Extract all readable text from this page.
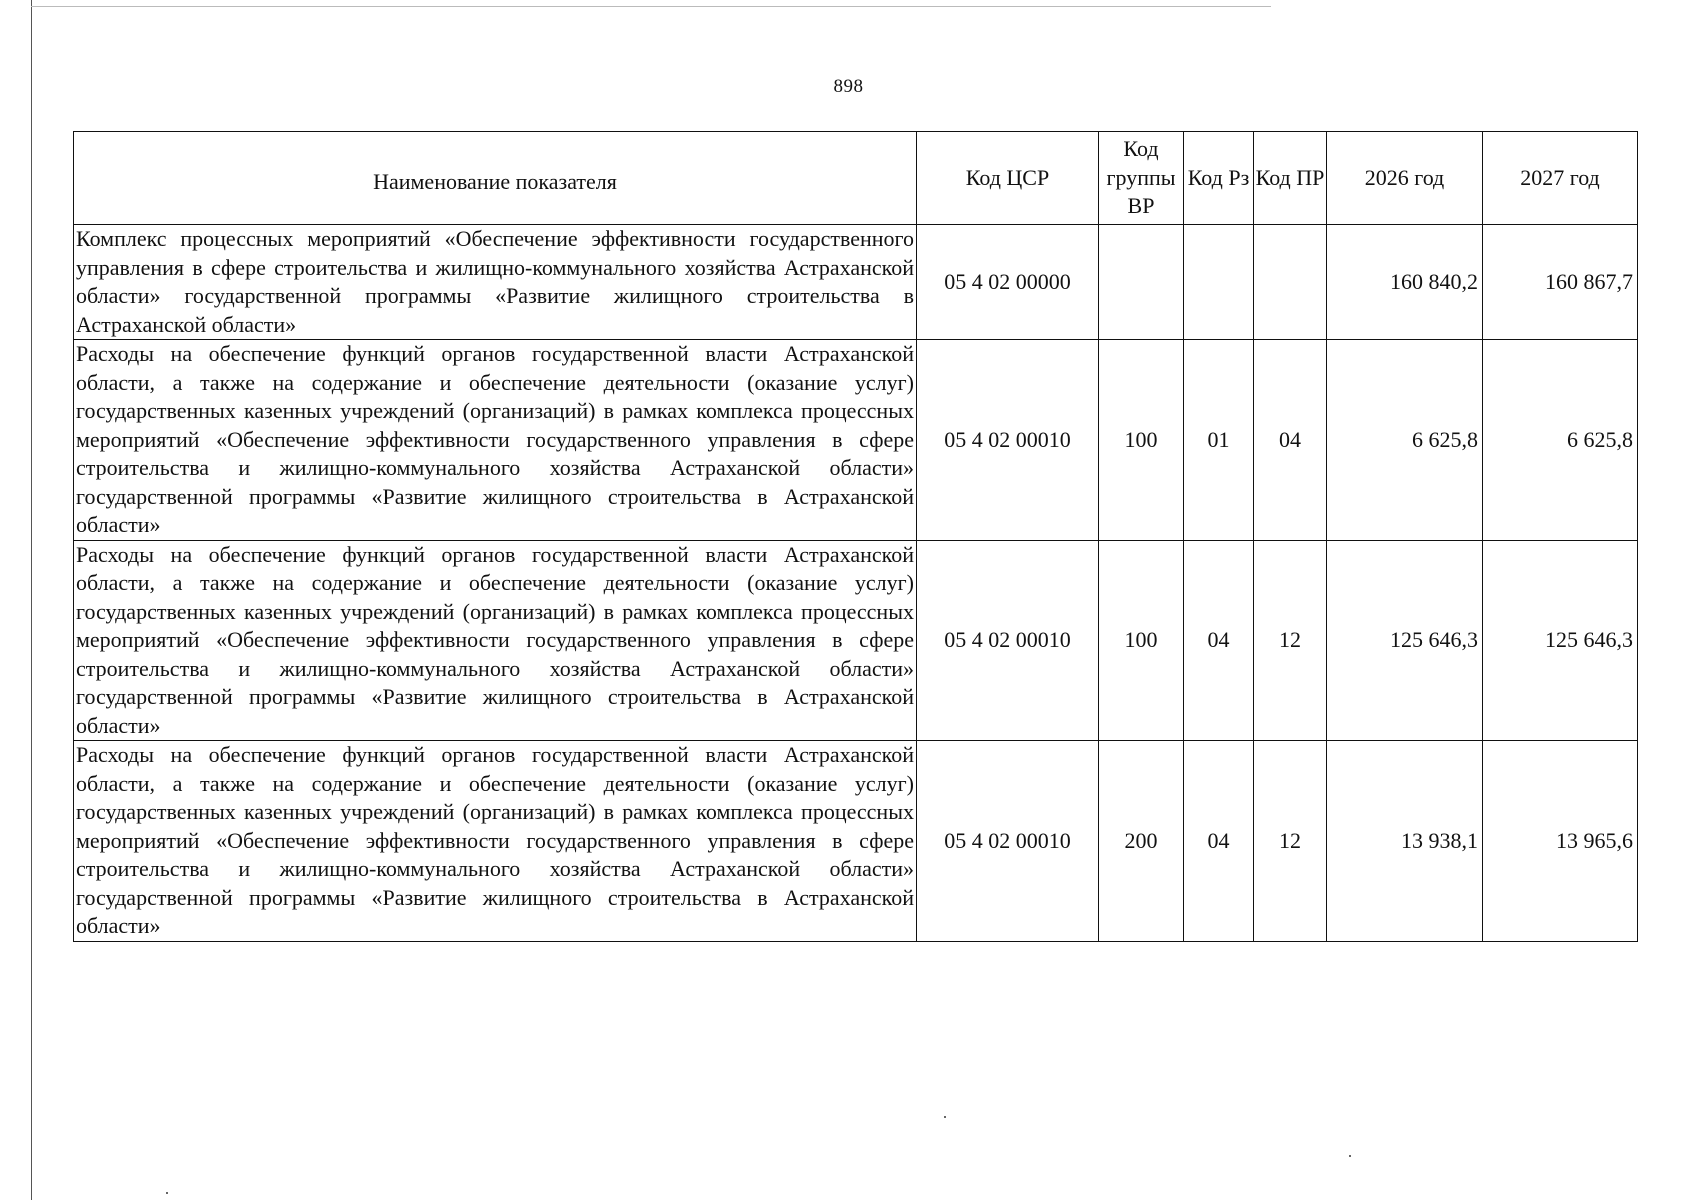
898
Наименование показателя	Код ЦСР	Код группы ВР	Код Рз	Код ПР	2026 год	2027 год
Комплекс процессных мероприятий «Обеспечение эффективности государственного управления в сфере строительства и жилищно-коммунального хозяйства Астраханской области» государственной программы «Развитие жилищного строительства в Астраханской области»	05 4 02 00000				160 840,2	160 867,7
Расходы на обеспечение функций органов государственной власти Астраханской области, а также на содержание и обеспечение деятельности (оказание услуг) государственных казенных учреждений (организаций) в рамках комплекса процессных мероприятий «Обеспечение эффективности государственного управления в сфере строительства и жилищно-коммунального хозяйства Астраханской области» государственной программы «Развитие жилищного строительства в Астраханской области»	05 4 02 00010	100	01	04	6 625,8	6 625,8
Расходы на обеспечение функций органов государственной власти Астраханской области, а также на содержание и обеспечение деятельности (оказание услуг) государственных казенных учреждений (организаций) в рамках комплекса процессных мероприятий «Обеспечение эффективности государственного управления в сфере строительства и жилищно-коммунального хозяйства Астраханской области» государственной программы «Развитие жилищного строительства в Астраханской области»	05 4 02 00010	100	04	12	125 646,3	125 646,3
Расходы на обеспечение функций органов государственной власти Астраханской области, а также на содержание и обеспечение деятельности (оказание услуг) государственных казенных учреждений (организаций) в рамках комплекса процессных мероприятий «Обеспечение эффективности государственного управления в сфере строительства и жилищно-коммунального хозяйства Астраханской области» государственной программы «Развитие жилищного строительства в Астраханской области»	05 4 02 00010	200	04	12	13 938,1	13 965,6
